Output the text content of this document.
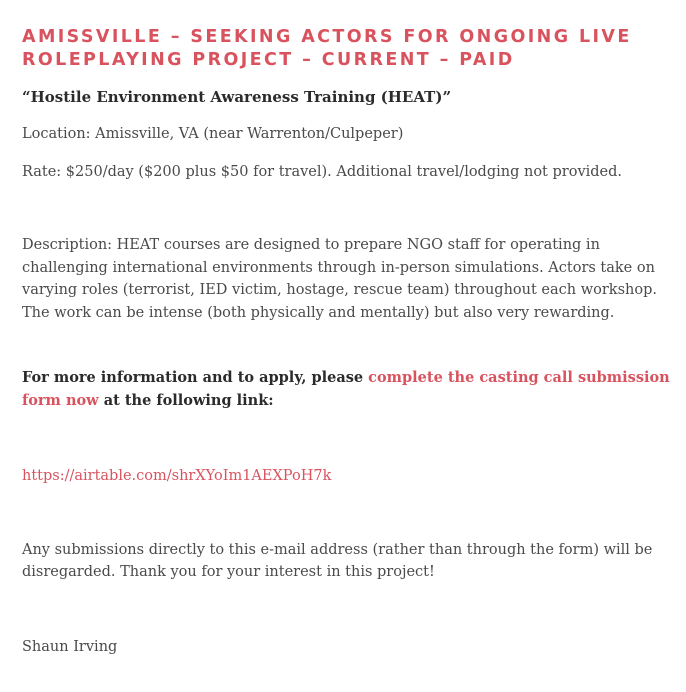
AMISSVILLE – SEEKING ACTORS FOR ONGOING LIVE
ROLEPLAYING PROJECT – CURRENT – PAID
“Hostile Environment Awareness Training (HEAT)”

Location: Amissville, VA (near Warrenton/Culpeper)

Rate: $250/day ($200 plus $50 for travel). Additional travel/lodging not provided.

Description: HEAT courses are designed to prepare NGO staff for operating in challenging international environments through in-person simulations. Actors take on varying roles (terrorist, IED victim, hostage, rescue team) throughout each workshop. The work can be intense (both physically and mentally) but also very rewarding.

For more information and to apply, please complete the casting call submission form now at the following link:

https://airtable.com/shrXYoIm1AEXPoH7k

Any submissions directly to this e-mail address (rather than through the form) will be disregarded. Thank you for your interest in this project!

Shaun Irving
